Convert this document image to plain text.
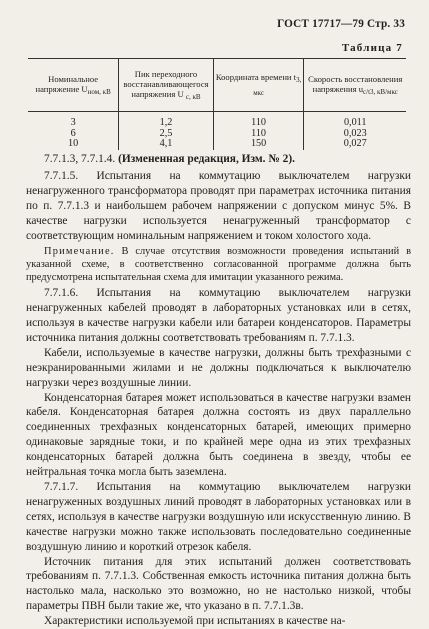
ГОСТ 17717—79 Стр. 33
Таблица 7
Номинальное напряжение $U_{ном, кВ}$	Пик переходного восстанавливающегося напряжения U $_{c, кВ}$	Координата времени $t_{3, мкс}$	Скорость восстановления напряжения $u_{c/t3, кВ/мкс}$
3	1,2	110	0,011
6	2,5	110	0,023
10	4,1	150	0,027

7.7.1.3, 7.7.1.4. (Измененная редакция, Изм. № 2).

7.7.1.5. Испытания на коммутацию выключателем нагрузки ненагруженного трансформатора проводят при параметрах источника питания по п. 7.7.1.3 и наибольшем рабочем напряжении с допуском минус 5%. В качестве нагрузки используется ненагруженный трансформатор с соответствующим номинальным напряжением и током холостого хода.

Примечание. В случае отсутствия возможности проведения испытаний в указанной схеме, в соответственно согласованной программе должна быть предусмотрена испытательная схема для имитации указанного режима.

7.7.1.6. Испытания на коммутацию выключателем нагрузки ненагруженных кабелей проводят в лабораторных установках или в сетях, используя в качестве нагрузки кабели или батареи конденсаторов. Параметры источника питания должны соответствовать требованиям п. 7.7.1.3.

Кабели, используемые в качестве нагрузки, должны быть трехфазными с неэкранированными жилами и не должны подключаться к выключателю нагрузки через воздушные линии.

Конденсаторная батарея может использоваться в качестве нагрузки взамен кабеля. Конденсаторная батарея должна состоять из двух параллельно соединенных трехфазных конденсаторных батарей, имеющих примерно одинаковые зарядные токи, и по крайней мере одна из этих трехфазных конденсаторных батарей должна быть соединена в звезду, чтобы ее нейтральная точка могла быть заземлена.

7.7.1.7. Испытания на коммутацию выключателем нагрузки ненагруженных воздушных линий проводят в лабораторных установках или в сетях, используя в качестве нагрузки воздушную или искусственную линию. В качестве нагрузки можно также использовать последовательно соединенные воздушную линию и короткий отрезок кабеля.

Источник питания для этих испытаний должен соответствовать требованиям п. 7.7.1.3. Собственная емкость источника питания должна быть настолько мала, насколько это возможно, но не настолько низкой, чтобы параметры ПВН были такие же, что указано в п. 7.7.1.3в.

Характеристики используемой при испытаниях в качестве на-
